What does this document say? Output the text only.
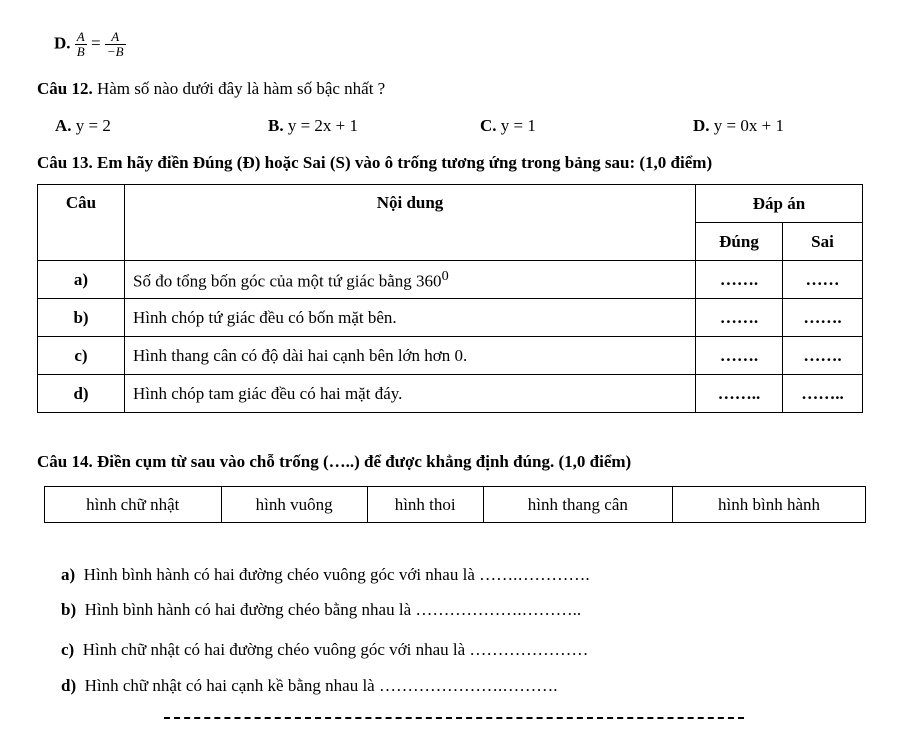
D. $\frac{A}{B} = \frac{A}{-B}$
Câu 12. Hàm số nào dưới đây là hàm số bậc nhất ?
A. y = 2	B. y = 2x + 1	C. y = 1	D. y = 0x + 1
Câu 13. Em hãy điền Đúng (Đ) hoặc Sai (S) vào ô trống tương ứng trong bảng sau: (1,0 điểm)
Câu	Nội dung	Đáp án	
		Đúng	Sai
a)	Số đo tổng bốn góc của một tứ giác bằng $360^0$	…….	……
b)	Hình chóp tứ giác đều có bốn mặt bên.	…….	…….
c)	Hình thang cân có độ dài hai cạnh bên lớn hơn 0.	…….	…….
d)	Hình chóp tam giác đều có hai mặt đáy.	……..	……..
Câu 14. Điền cụm từ sau vào chỗ trống (…..) để được khẳng định đúng. (1,0 điểm)
hình chữ nhật	hình vuông	hình thoi	hình thang cân	hình bình hành
a) Hình bình hành có hai đường chéo vuông góc với nhau là …….………….
b) Hình bình hành có hai đường chéo bằng nhau là ……………….………..
c) Hình chữ nhật có hai đường chéo vuông góc với nhau là …………………
d) Hình chữ nhật có hai cạnh kề bằng nhau là ………………….……….
